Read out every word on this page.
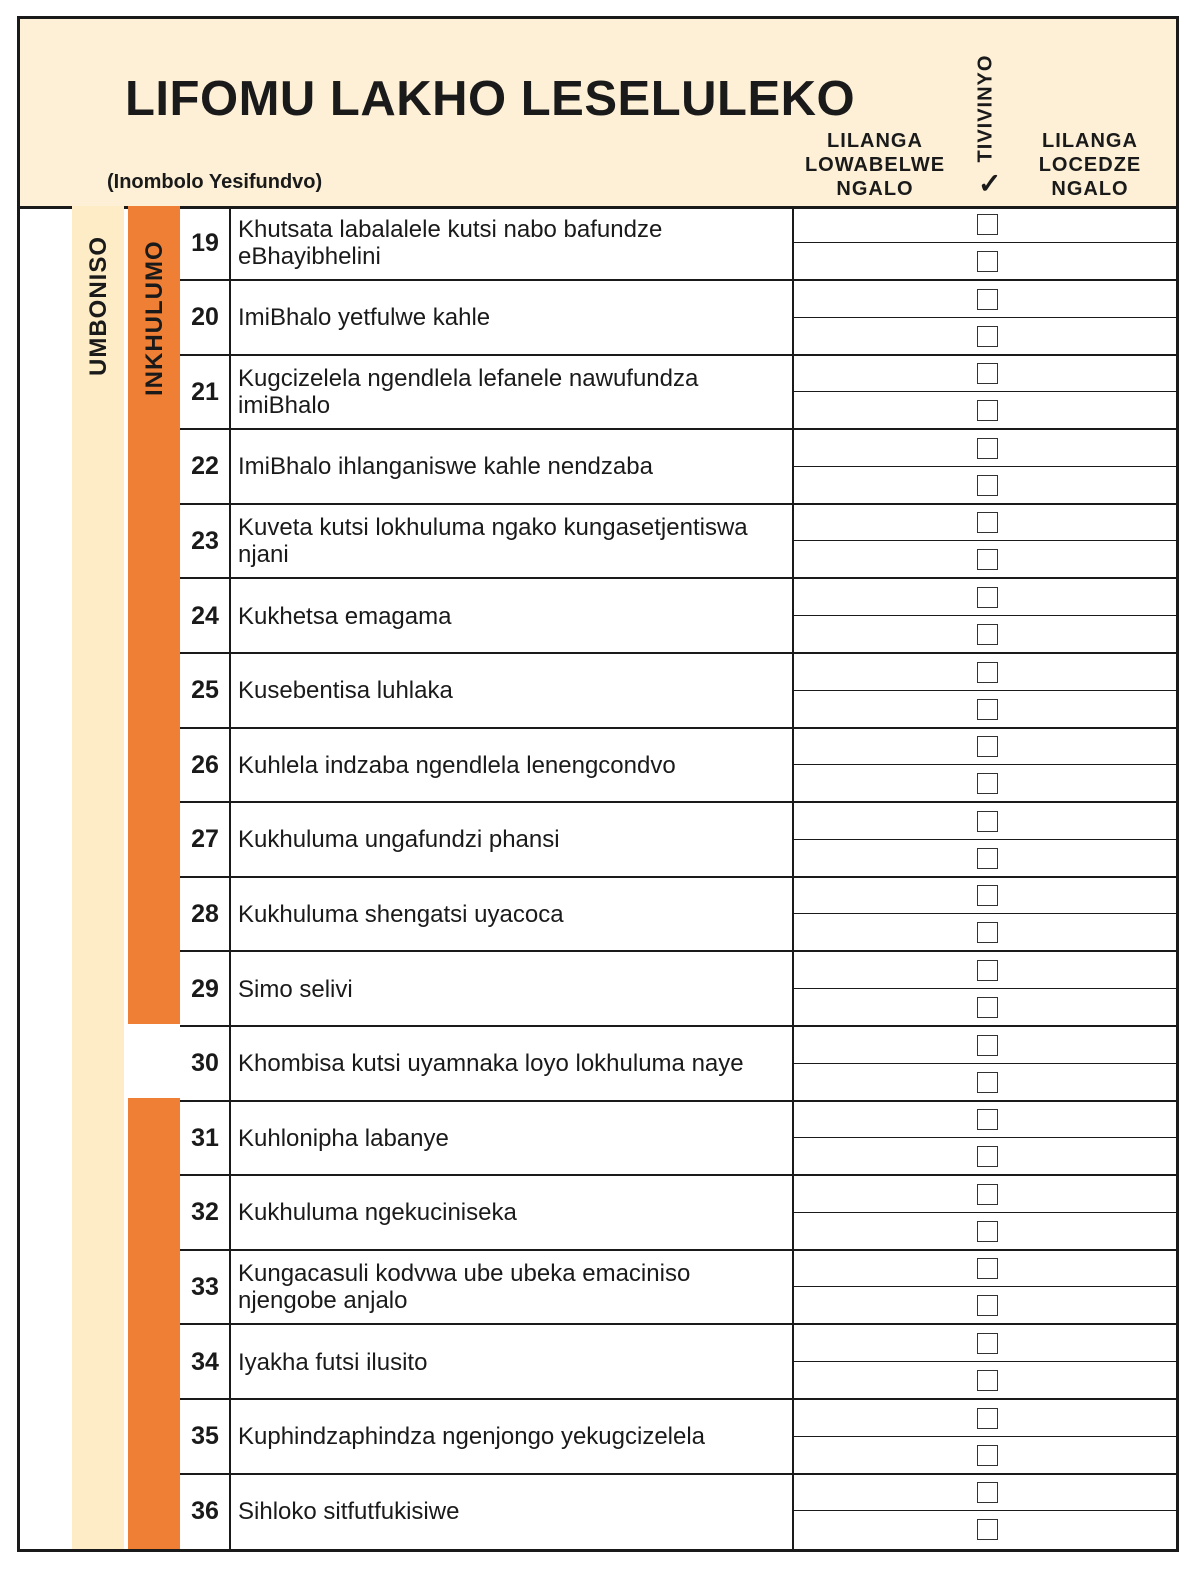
LIFOMU LAKHO LESELULEKO
(Inombolo Yesifundvo)
LILANGA
LOWABELWE
NGALO
TIVIVINYO
✓
LILANGA
LOCEDZE
NGALO
UMBONISO INKHULUMO 19 Khutsata labalalele kutsi nabo bafundze eBhayibhelini
20 ImiBhalo yetfulwe kahle
21 Kugcizelela ngendlela lefanele nawufundza imiBhalo
22 ImiBhalo ihlanganiswe kahle nendzaba
23 Kuveta kutsi lokhuluma ngako kungasetjentiswa njani
24 Kukhetsa emagama
25 Kusebentisa luhlaka
26 Kuhlela indzaba ngendlela lenengcondvo
27 Kukhuluma ungafundzi phansi
28 Kukhuluma shengatsi uyacoca
29 Simo selivi
30 Khombisa kutsi uyamnaka loyo lokhuluma naye
31 Kuhlonipha labanye
32 Kukhuluma ngekuciniseka
33 Kungacasuli kodvwa ube ubeka emaciniso njengobe anjalo
34 Iyakha futsi ilusito
35 Kuphindzaphindza ngenjongo yekugcizelela
36 Sihloko sitfutfukisiwe
